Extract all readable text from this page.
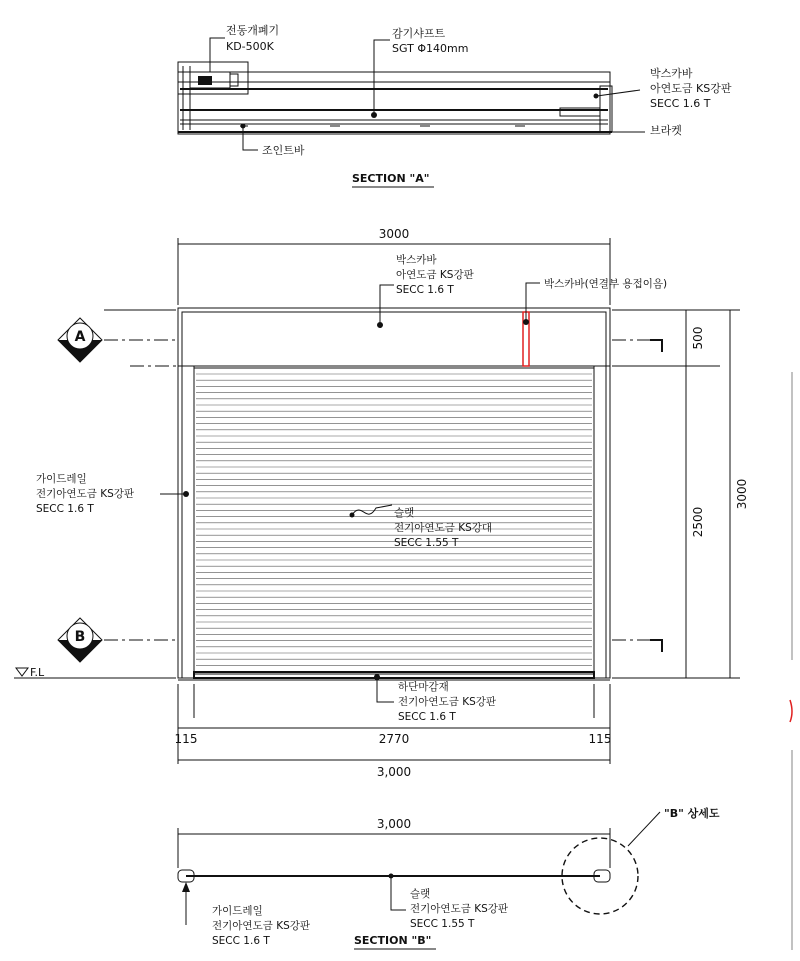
전동개폐기
KD-500K
감기샤프트
SGT Φ140mm
박스카바
아연도금 KS강판
SECC 1.6 T
브라켓
조인트바
SECTION "A"
3000
박스카바(연결부 용접이음)
박스카바
아연도금 KS강판
SECC 1.6 T
하단마감재
전기아연도금 KS강판
SECC 1.6 T
가이드레일
전기아연도금 KS강판
SECC 1.6 T	슬랫
전기아연도금 KS강대
SECC 1.55 T
A
B
F.L
500
2500
3000
115	2770	115
3,000
3,000
"B" 상세도
가이드레일
전기아연도금 KS강판
SECC 1.6 T
슬랫
전기아연도금 KS강판
SECC 1.55 T
SECTION "B"
